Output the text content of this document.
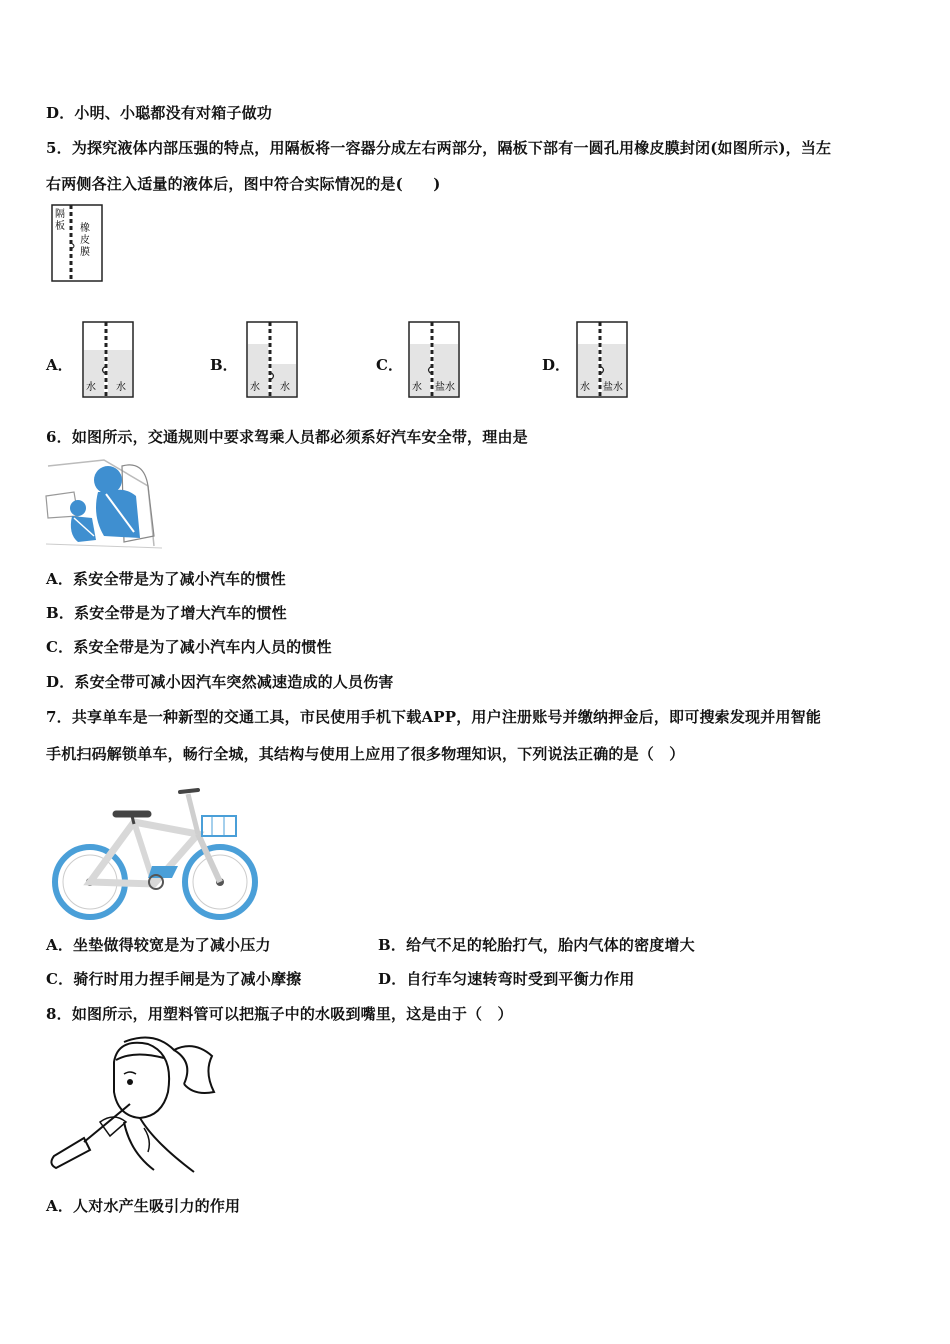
D．小明、小聪都没有对箱子做功
5．为探究液体内部压强的特点，用隔板将一容器分成左右两部分，隔板下部有一圆孔用橡皮膜封闭(如图所示)，当左
右两侧各注入适量的液体后，图中符合实际情况的是(　　)
隔板 橡皮膜
A．
水 水
B．
水 水
C．
水 盐水
D．
水 盐水
6．如图所示，交通规则中要求驾乘人员都必须系好汽车安全带，理由是
A．系安全带是为了减小汽车的惯性
B．系安全带是为了增大汽车的惯性
C．系安全带是为了减小汽车内人员的惯性
D．系安全带可减小因汽车突然减速造成的人员伤害
7．共享单车是一种新型的交通工具，市民使用手机下载APP，用户注册账号并缴纳押金后，即可搜索发现并用智能
手机扫码解锁单车，畅行全城，其结构与使用上应用了很多物理知识，下列说法正确的是（　）
A．坐垫做得较宽是为了减小压力	B．给气不足的轮胎打气，胎内气体的密度增大
C．骑行时用力捏手闸是为了减小摩擦	D．自行车匀速转弯时受到平衡力作用
8．如图所示，用塑料管可以把瓶子中的水吸到嘴里，这是由于（　）
A．人对水产生吸引力的作用
